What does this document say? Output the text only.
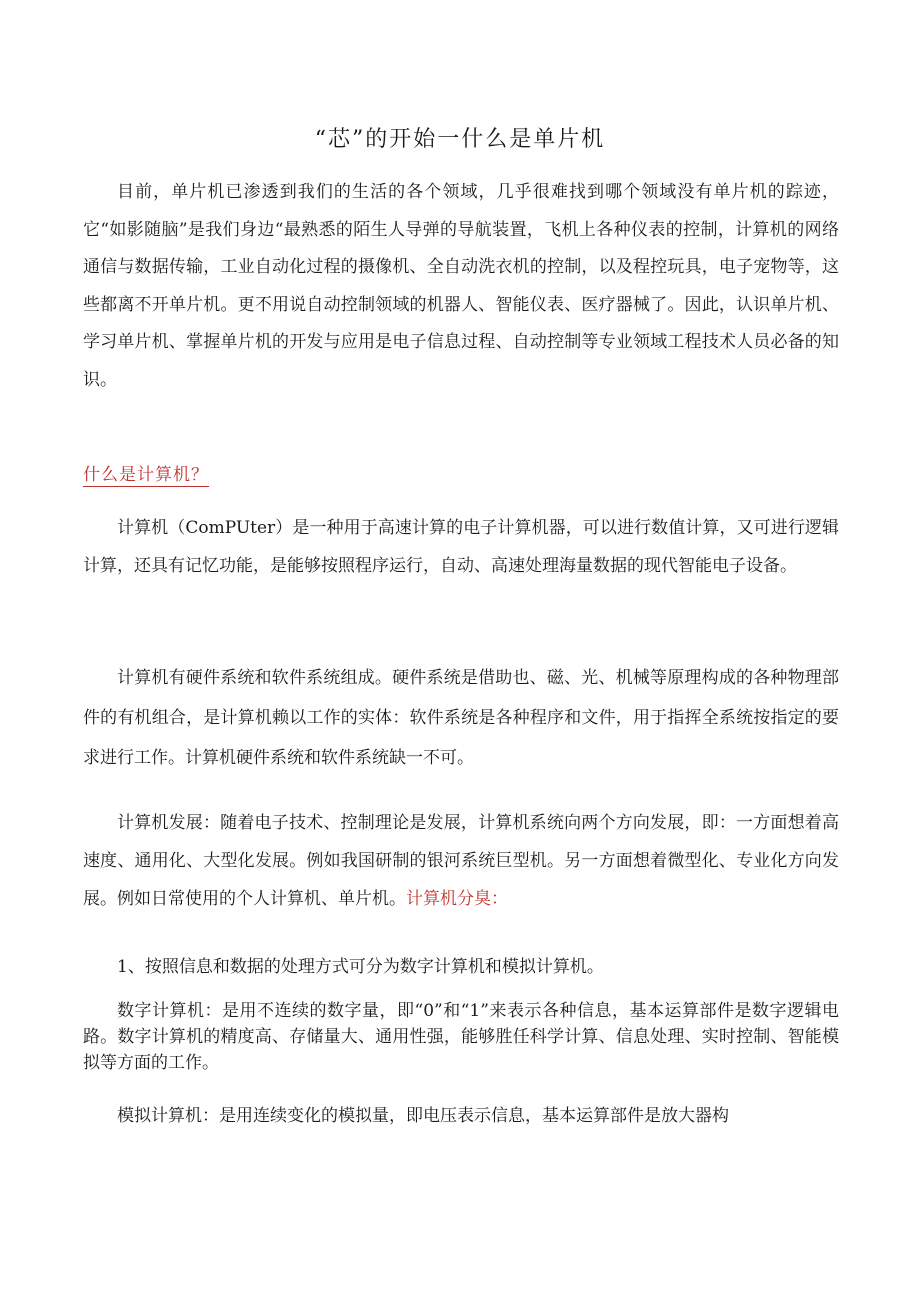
“芯”的开始一什么是单片机

目前，单片机已渗透到我们的生活的各个领域，几乎很难找到哪个领域没有单片机的踪迹，它“如影随脑”是我们身边“最熟悉的陌生人导弹的导航装置，飞机上各种仪表的控制，计算机的网络通信与数据传输，工业自动化过程的摄像机、全自动洗衣机的控制，以及程控玩具，电子宠物等，这些都离不开单片机。更不用说自动控制领域的机器人、智能仪表、医疗器械了。因此，认识单片机、学习单片机、掌握单片机的开发与应用是电子信息过程、自动控制等专业领域工程技术人员必备的知识。

什么是计算机？

计算机（ComPUter）是一种用于高速计算的电子计算机器，可以进行数值计算，又可进行逻辑计算，还具有记忆功能，是能够按照程序运行，自动、高速处理海量数据的现代智能电子设备。

计算机有硬件系统和软件系统组成。硬件系统是借助也、磁、光、机械等原理构成的各种物理部件的有机组合，是计算机赖以工作的实体：软件系统是各种程序和文件，用于指挥全系统按指定的要求进行工作。计算机硬件系统和软件系统缺一不可。

计算机发展：随着电子技术、控制理论是发展，计算机系统向两个方向发展，即：一方面想着高速度、通用化、大型化发展。例如我国研制的银河系统巨型机。另一方面想着微型化、专业化方向发展。例如日常使用的个人计算机、单片机。计算机分臭：

1、按照信息和数据的处理方式可分为数字计算机和模拟计算机。

数字计算机：是用不连续的数字量，即“0”和“1”来表示各种信息，基本运算部件是数字逻辑电路。数字计算机的精度高、存储量大、通用性强，能够胜任科学计算、信息处理、实时控制、智能模拟等方面的工作。

模拟计算机：是用连续变化的模拟量，即电压表示信息，基本运算部件是放大器构
